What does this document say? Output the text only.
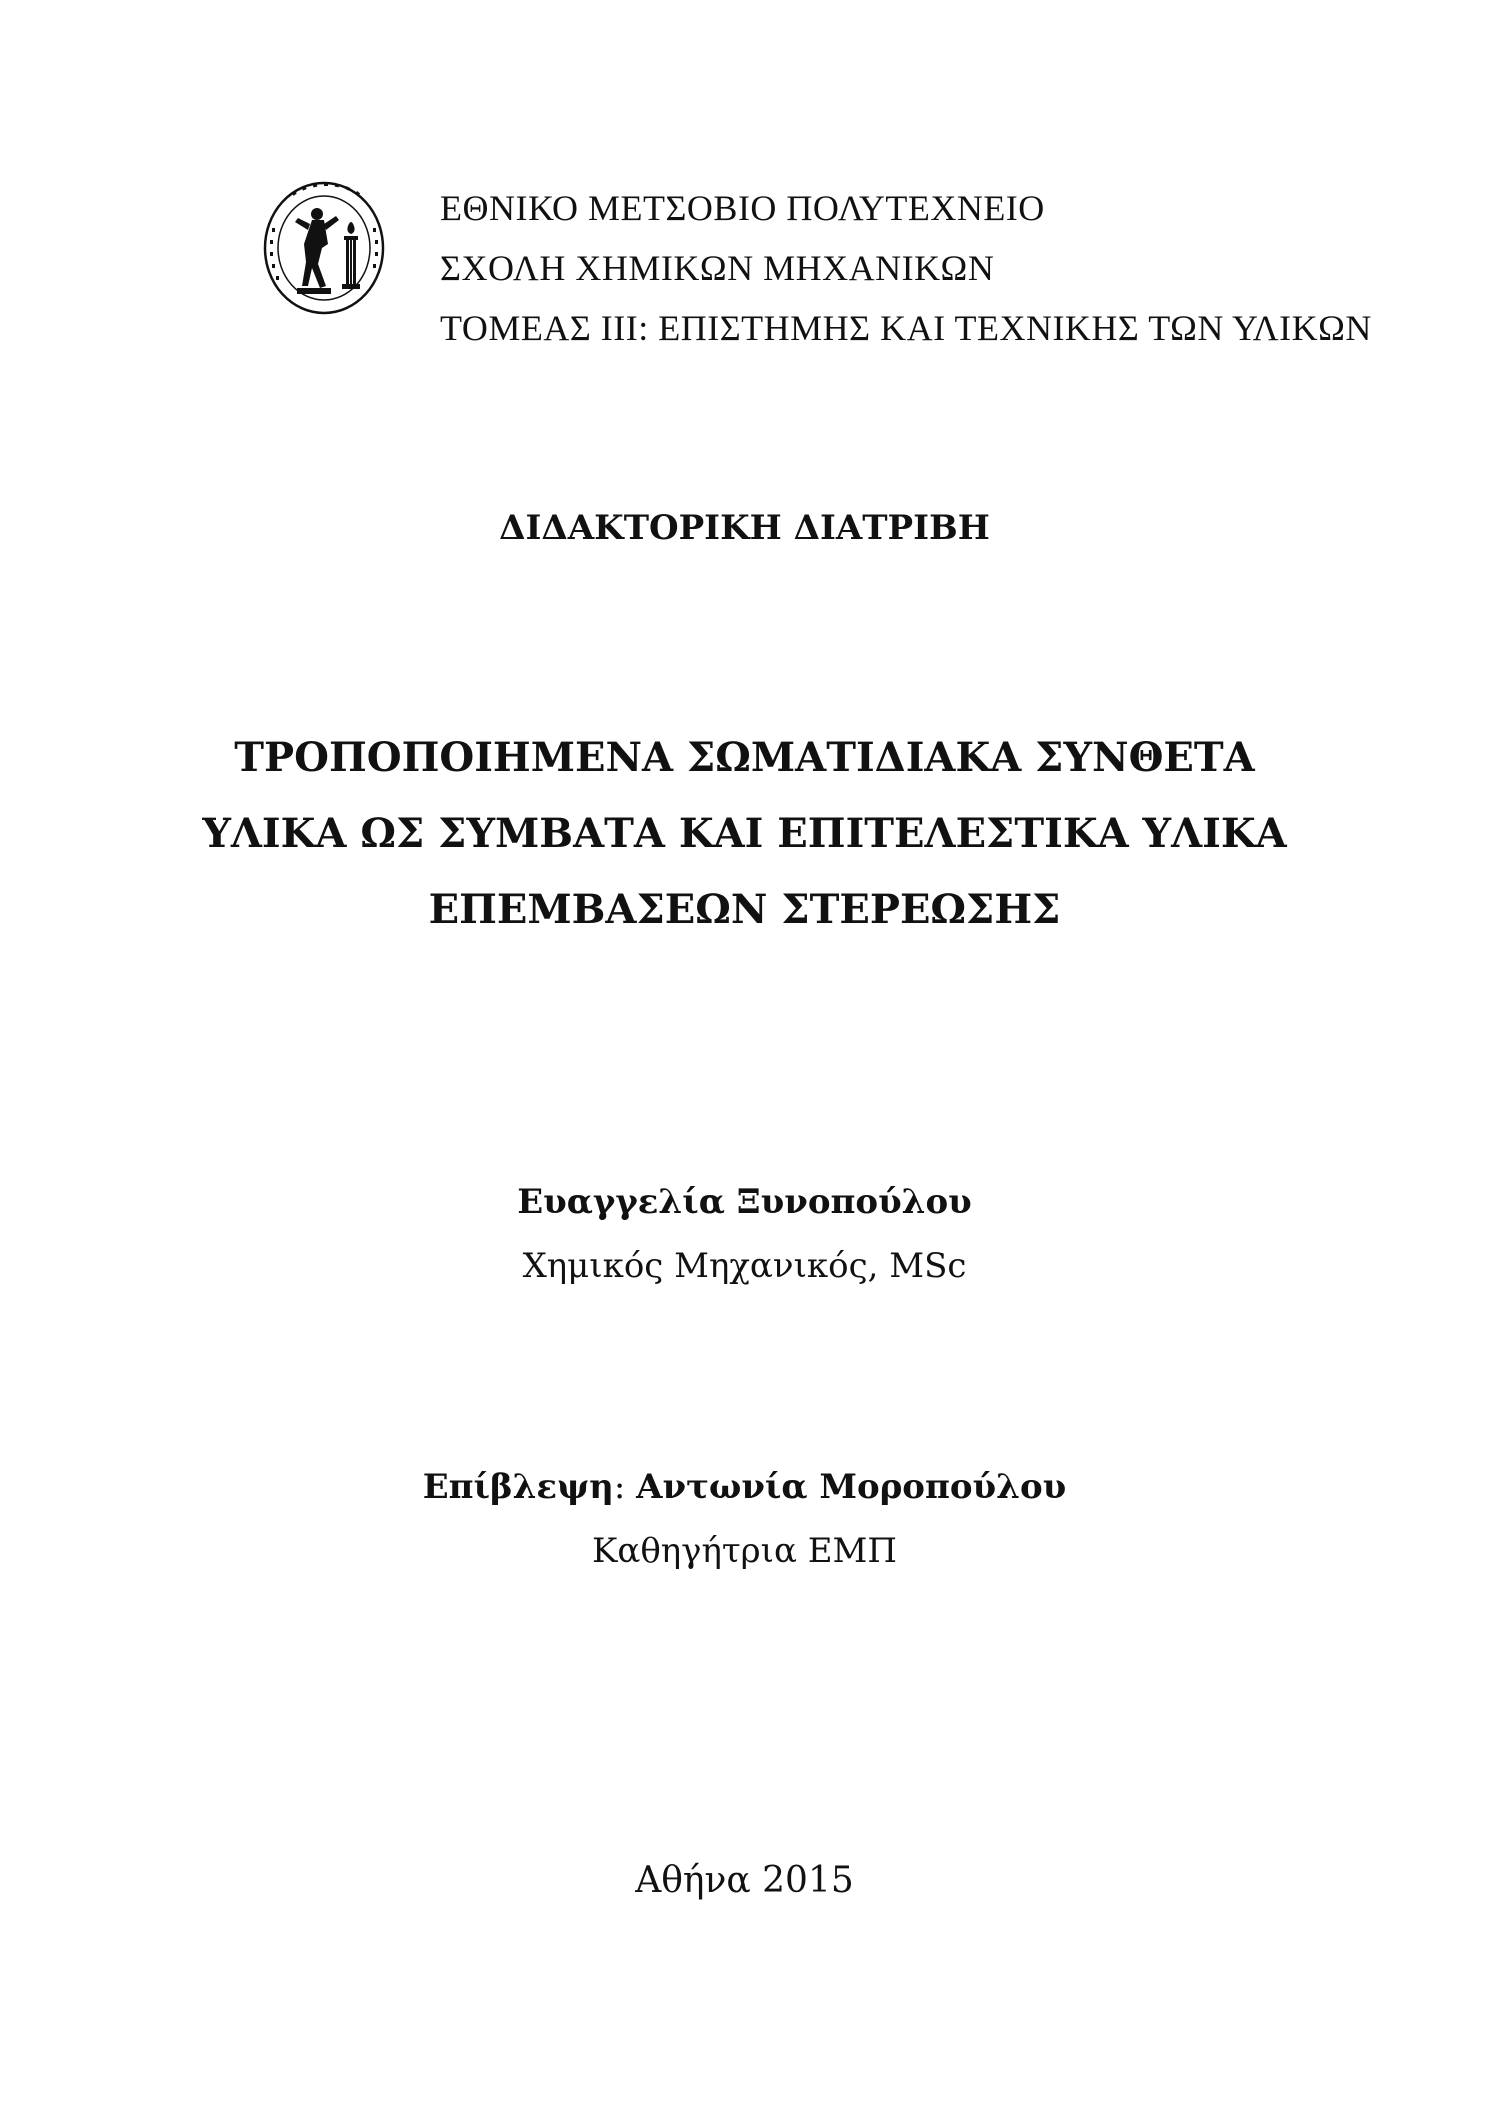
ΕΘΝΙΚΟ ΜΕΤΣΟΒΙΟ ΠΟΛΥΤΕΧΝΕΙΟ
ΣΧΟΛΗ ΧΗΜΙΚΩΝ ΜΗΧΑΝΙΚΩΝ
ΤΟΜΕΑΣ ΙΙΙ: ΕΠΙΣΤΗΜΗΣ ΚΑΙ ΤΕΧΝΙΚΗΣ ΤΩΝ ΥΛΙΚΩΝ
ΔΙΔΑΚΤΟΡΙΚΗ ΔΙΑΤΡΙΒΗ
ΤΡΟΠΟΠΟΙΗΜΕΝΑ ΣΩΜΑΤΙΔΙΑΚΑ ΣΥΝΘΕΤΑ
ΥΛΙΚΑ ΩΣ ΣΥΜΒΑΤΑ ΚΑΙ ΕΠΙΤΕΛΕΣΤΙΚΑ ΥΛΙΚΑ
ΕΠΕΜΒΑΣΕΩΝ ΣΤΕΡΕΩΣΗΣ
Ευαγγελία Ξυνοπούλου
Χημικός Μηχανικός, MSc
Επίβλεψη: Αντωνία Μοροπούλου
Καθηγήτρια ΕΜΠ
Αθήνα 2015
